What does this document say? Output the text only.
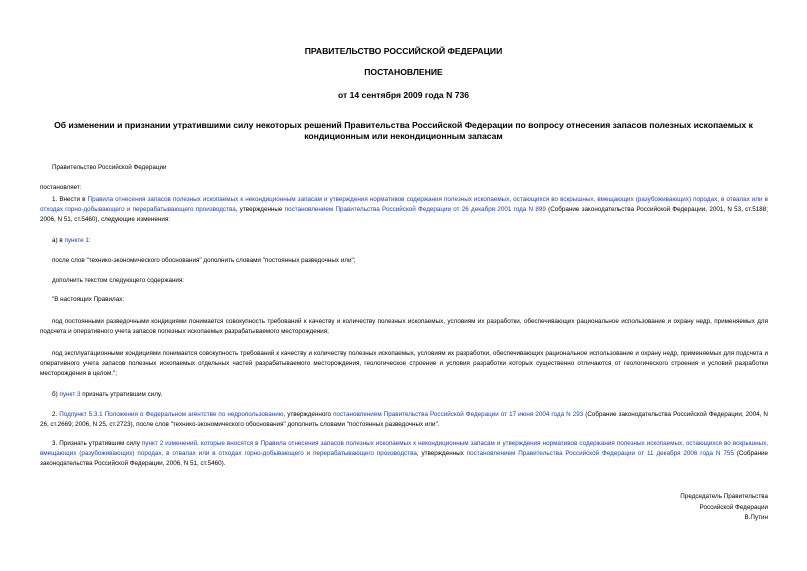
ПРАВИТЕЛЬСТВО РОССИЙСКОЙ ФЕДЕРАЦИИ
ПОСТАНОВЛЕНИЕ
от 14 сентября 2009 года N 736
Об изменении и признании утратившими силу некоторых решений Правительства Российской Федерации по вопросу отнесения запасов полезных ископаемых к кондиционным или некондиционным запасам
Правительство Российской Федерации
постановляет:
1. Внести в Правила отнесения запасов полезных ископаемых к некондиционным запасам и утверждения нормативов содержания полезных ископаемых, остающихся во вскрышных, вмещающих (разубоживающих) породах, в отвалах или в отходах горно-добывающего и перерабатывающего производства, утвержденные постановлением Правительства Российской Федерации от 26 декабря 2001 года N 899 (Собрание законодательства Российской Федерации, 2001, N 53, ст.5188; 2006, N 51, ст.5460), следующие изменения:
а) в пункте 1:
после слов "технико-экономического обоснования" дополнить словами "постоянных разведочных или";
дополнить текстом следующего содержания:
"В настоящих Правилах:
под постоянными разведочными кондициями понимается совокупность требований к качеству и количеству полезных ископаемых, условиям их разработки, обеспечивающих рациональное использование и охрану недр, применяемых для подсчета и оперативного учета запасов полезных ископаемых разрабатываемого месторождения;
под эксплуатационными кондициями понимается совокупность требований к качеству и количеству полезных ископаемых, условиям их разработки, обеспечивающих рациональное использование и охрану недр, применяемых для подсчета и оперативного учета запасов полезных ископаемых отдельных частей разрабатываемого месторождения, геологическое строение и условия разработки которых существенно отличаются от геологического строения и условий разработки месторождения в целом.";
б) пункт 3 признать утратившим силу.
2. Подпункт 5.3.1 Положения о Федеральном агентстве по недропользованию, утвержденного постановлением Правительства Российской Федерации от 17 июня 2004 года N 293 (Собрание законодательства Российской Федерации, 2004, N 26, ст.2669; 2006, N 25, ст.2723), после слов "технико-экономического обоснования" дополнить словами "постоянных разведочных или".
3. Признать утратившим силу пункт 2 изменений, которые вносятся в Правила отнесения запасов полезных ископаемых к некондиционным запасам и утверждения нормативов содержания полезных ископаемых, остающихся во вскрышных, вмещающих (разубоживающих) породах, в отвалах или в отходах горно-добывающего и перерабатывающего производства, утвержденных постановлением Правительства Российской Федерации от 11 декабря 2006 года N 755 (Собрание законодательства Российской Федерации, 2006, N 51, ст.5460).
Председатель Правительства
Российской Федерации
В.Путин
